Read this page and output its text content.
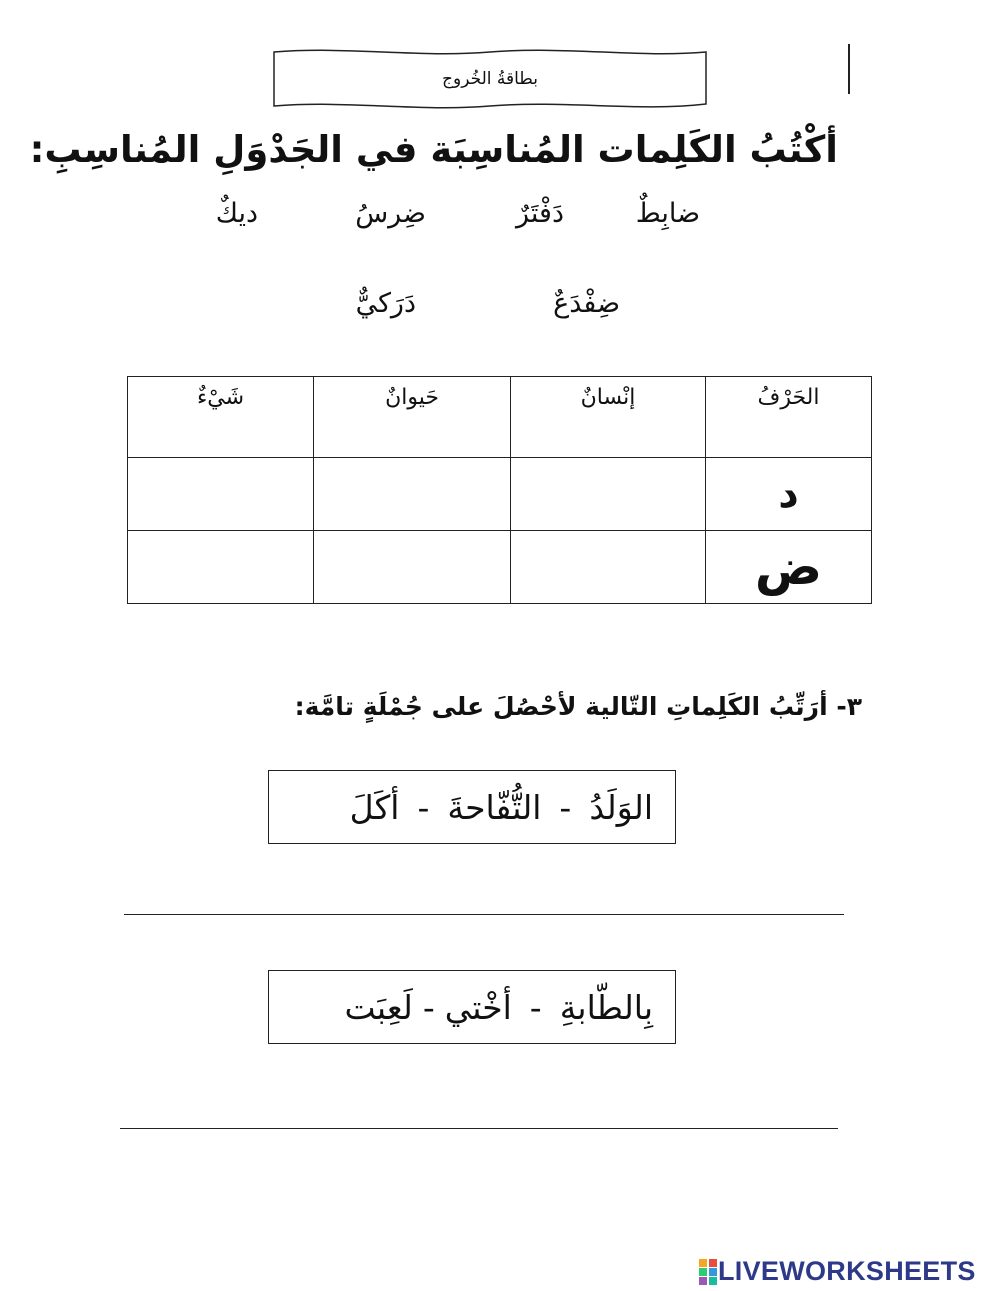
بطاقةُ الخُروج
أكْتُبُ الكَلِمات المُناسِبَة في الجَدْوَلِ المُناسِبِ:
ضابِطٌ
دَفْتَرٌ
ضِرسُ
ديكٌ
ضِفْدَعٌ
دَرَكيٌّ
الحَرْفُ	إنْسانٌ	حَيوانٌ	شَيْءٌ
د			
ض			
٣- أرَتِّبُ الكَلِماتِ التّالية لأحْصُلَ على جُمْلَةٍ تامَّة:
الوَلَدُ
-
التُّفّاحةَ
-
أكَلَ
بِالطّابةِ
-
أخْتي
-
لَعِبَت
LIVEWORKSHEETS
